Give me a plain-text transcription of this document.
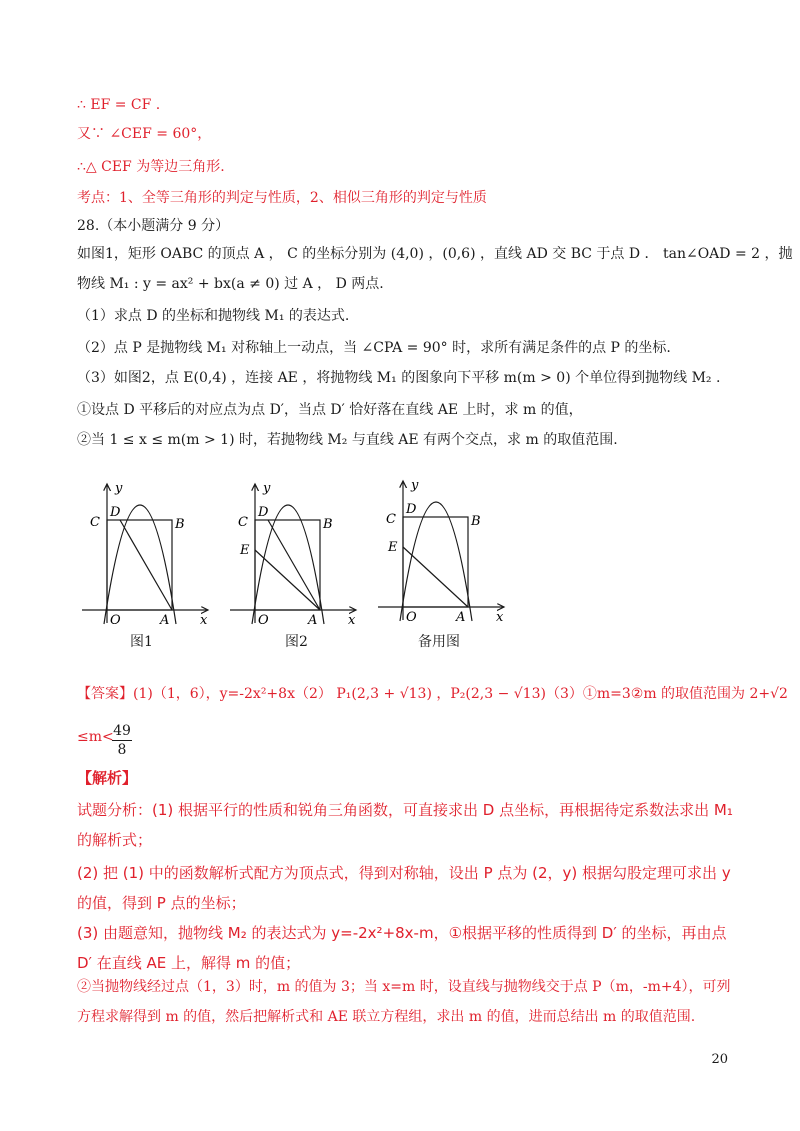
∴ EF = CF .
又∵ ∠CEF = 60°，
∴△ CEF 为等边三角形.
考点：1、全等三角形的判定与性质，2、相似三角形的判定与性质
28.（本小题满分 9 分）
如图1，矩形 OABC 的顶点 A ， C 的坐标分别为 (4,0) ，(0,6) ，直线 AD 交 BC 于点 D ． tan∠OAD = 2 ，抛
物线 M₁ : y = ax² + bx(a ≠ 0) 过 A ， D 两点.
（1）求点 D 的坐标和抛物线 M₁ 的表达式.
（2）点 P 是抛物线 M₁ 对称轴上一动点，当 ∠CPA = 90° 时，求所有满足条件的点 P 的坐标.
（3）如图2，点 E(0,4) ，连接 AE ，将抛物线 M₁ 的图象向下平移 m(m > 0) 个单位得到抛物线 M₂ .
①设点 D 平移后的对应点为点 D′，当点 D′ 恰好落在直线 AE 上时，求 m 的值，
②当 1 ≤ x ≤ m(m > 1) 时，若抛物线 M₂ 与直线 AE 有两个交点，求 m 的取值范围.
y
x
C
D
B
O	A
图1
y
x
C
D
B
E
O	A
图2
y
x
C
D
B
E
O	A
备用图
【答案】(1)（1，6），y=-2x²+8x（2） P₁(2,3 + √13) ，P₂(2,3 − √13)（3）①m=3②m 的取值范围为 2+√2
≤m<
$\frac{49}{8}$
【解析】
试题分析：(1) 根据平行的性质和锐角三角函数，可直接求出 D 点坐标，再根据待定系数法求出 M₁ 的解析式；
(2) 把 (1) 中的函数解析式配方为顶点式，得到对称轴，设出 P 点为 (2，y) 根据勾股定理可求出 y 的值，得到 P 点的坐标；
(3) 由题意知，抛物线 M₂ 的表达式为 y=-2x²+8x-m，①根据平移的性质得到 D′ 的坐标，再由点 D′ 在直线 AE 上，解得 m 的值；
②当抛物线经过点（1，3）时，m 的值为 3；当 x=m 时，设直线与抛物线交于点 P（m，-m+4），可列方程求解得到 m 的值，然后把解析式和 AE 联立方程组，求出 m 的值，进而总结出 m 的取值范围.
20
